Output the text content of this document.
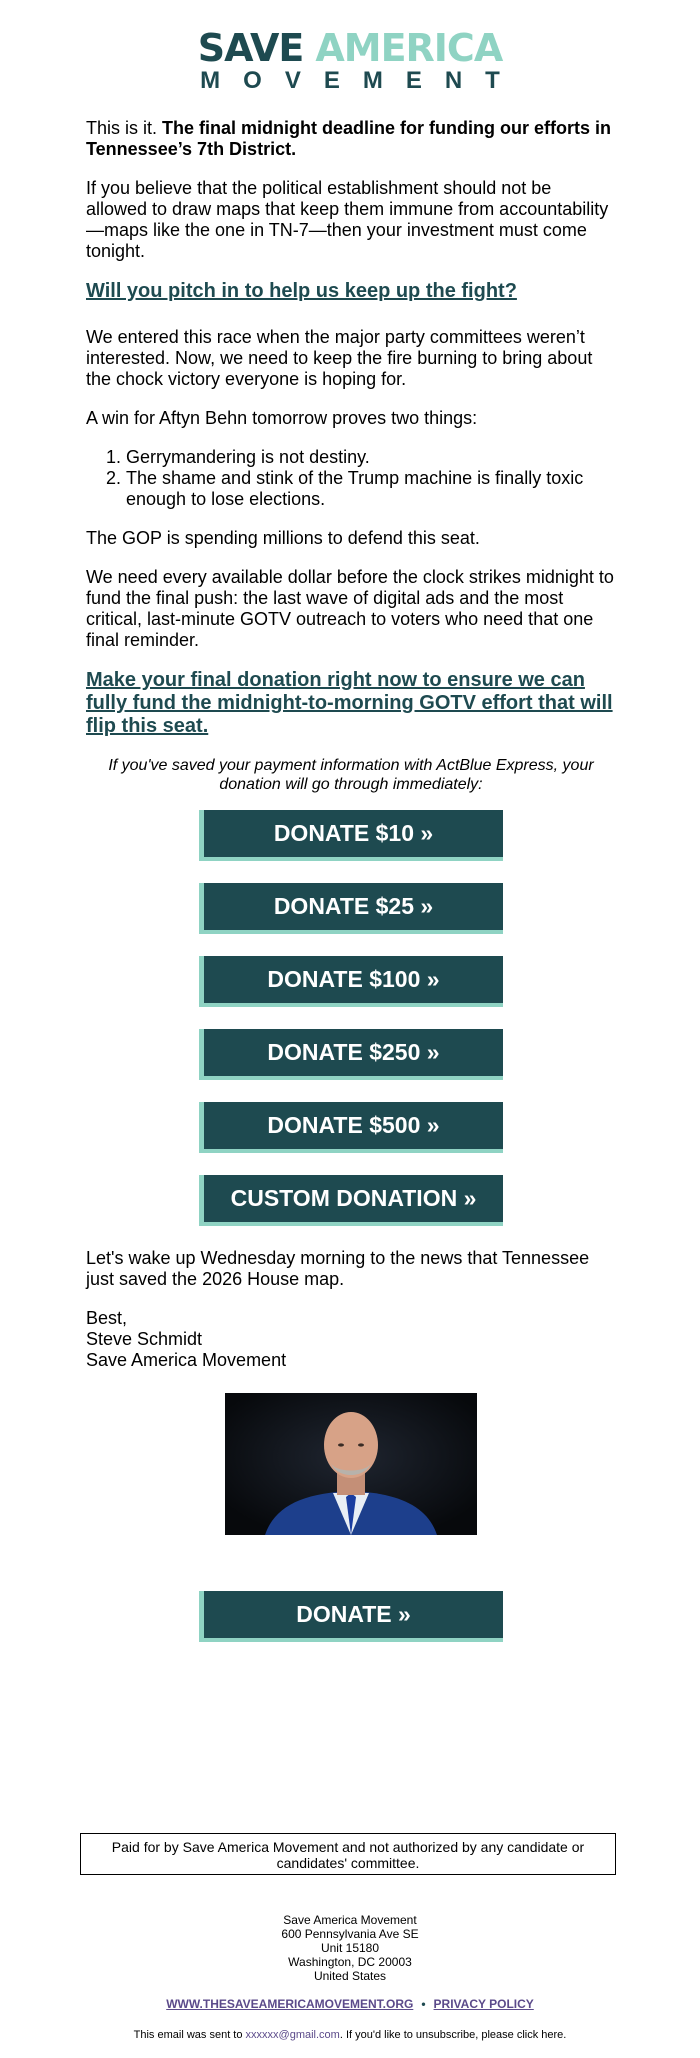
SAVE AMERICA
MOVEMENT

This is it. The final midnight deadline for funding our efforts in Tennessee’s 7th District.

If you believe that the political establishment should not be allowed to draw maps that keep them immune from accountability—maps like the one in TN-7—then your investment must come tonight.

Will you pitch in to help us keep up the fight?

We entered this race when the major party committees weren’t interested. Now, we need to keep the fire burning to bring about the chock victory everyone is hoping for.

A win for Aftyn Behn tomorrow proves two things:

1. Gerrymandering is not destiny.
2. The shame and stink of the Trump machine is finally toxic enough to lose elections.

The GOP is spending millions to defend this seat.

We need every available dollar before the clock strikes midnight to fund the final push: the last wave of digital ads and the most critical, last-minute GOTV outreach to voters who need that one final reminder.

Make your final donation right now to ensure we can fully fund the midnight-to-morning GOTV effort that will flip this seat.

If you've saved your payment information with ActBlue Express, your donation will go through immediately:

DONATE $10 »
DONATE $25 »
DONATE $100 »
DONATE $250 »
DONATE $500 »
CUSTOM DONATION »

Let's wake up Wednesday morning to the news that Tennessee just saved the 2026 House map.

Best,

Steve Schmidt

Save America Movement

DONATE »
Paid for by Save America Movement and not authorized by any candidate or candidates' committee.
Save America Movement
600 Pennsylvania Ave SE
Unit 15180
Washington, DC 20003
United States
WWW.THESAVEAMERICAMOVEMENT.ORG • PRIVACY POLICY
This email was sent to xxxxxx@gmail.com. If you'd like to unsubscribe, please click here.
